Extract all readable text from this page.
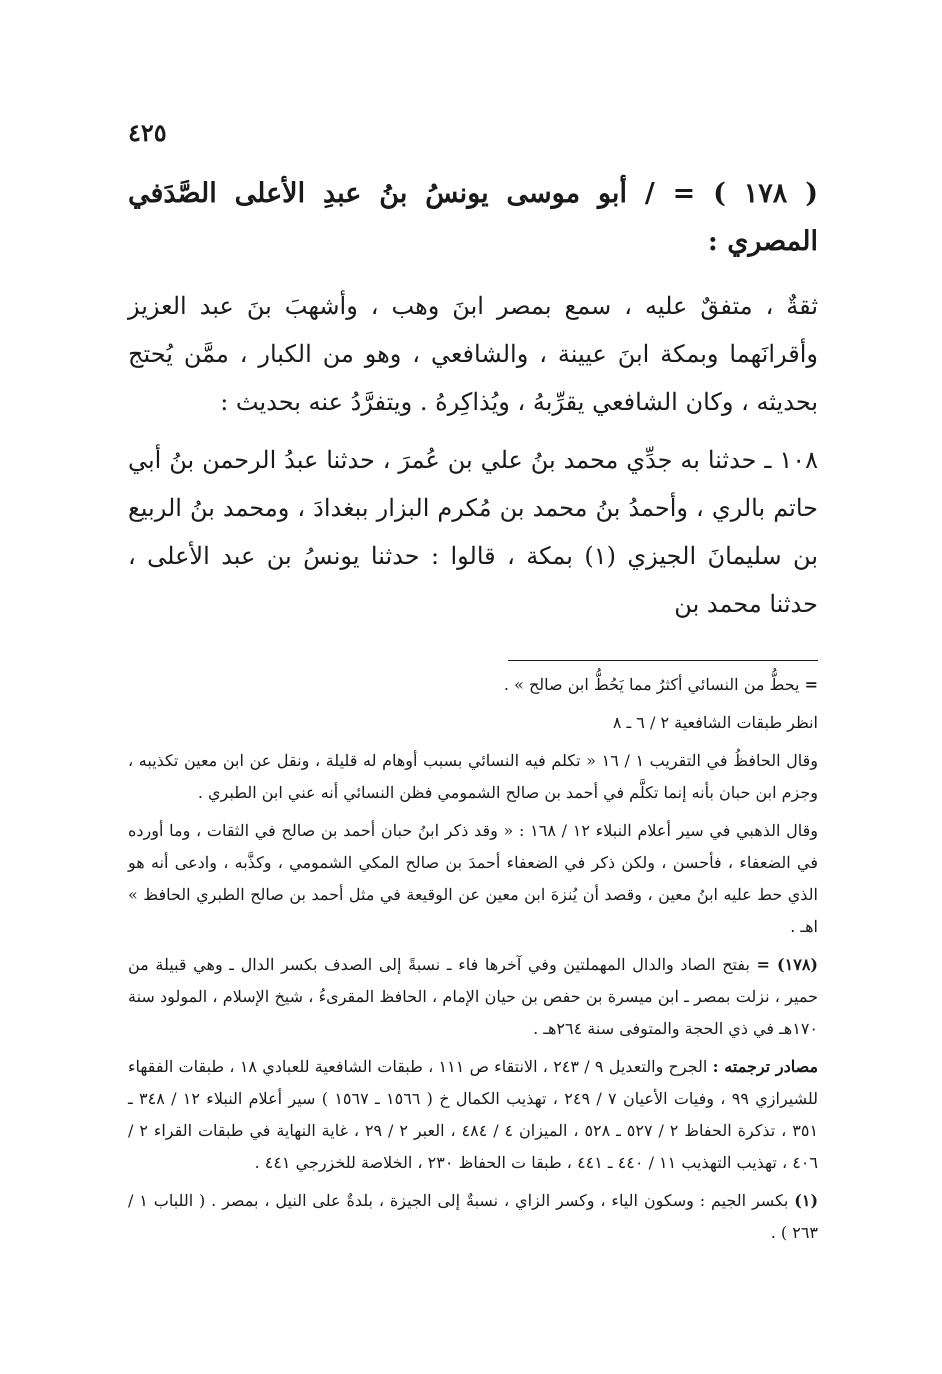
٤٢٥

( ١٧٨ ) = / أبو موسى يونسُ بنُ عبدِ الأعلى الصَّدَفي المصري :

ثقةٌ ، متفقٌ عليه ، سمع بمصر ابنَ وهب ، وأشهبَ بنَ عبد العزيز وأقرانَهما وبمكة ابنَ عيينة ، والشافعي ، وهو من الكبار ، ممَّن يُحتج بحديثه ، وكان الشافعي يقرِّبهُ ، ويُذاكِرهُ . ويتفرَّدُ عنه بحديث :

١٠٨ ـ حدثنا به جدِّي محمد بنُ علي بن عُمرَ ، حدثنا عبدُ الرحمن بنُ أبي حاتم بالري ، وأحمدُ بنُ محمد بن مُكرم البزار ببغدادَ ، ومحمد بنُ الربيع بن سليمانَ الجيزي (١) بمكة ، قالوا : حدثنا يونسُ بن عبد الأعلى ، حدثنا محمد بن

= يحطُّ من النسائي أكثرُ مما يَحُطُّ ابن صالح » .

انظر طبقات الشافعية ٢ / ٦ ـ ٨

وقال الحافظُ في التقريب ١ / ١٦ « تكلم فيه النسائي بسبب أوهام له قليلة ، ونقل عن ابن معين تكذيبه ، وجزم ابن حبان بأنه إنما تكلَّم في أحمد بن صالح الشمومي فظن النسائي أنه عني ابن الطبري .

وقال الذهبي في سير أعلام النبلاء ١٢ / ١٦٨ : « وقد ذكر ابنُ حبان أحمد بن صالح في الثقات ، وما أورده في الضعفاء ، فأحسن ، ولكن ذكر في الضعفاء أحمدَ بن صالح المكي الشمومي ، وكذَّبه ، وادعى أنه هو الذي حط عليه ابنُ معين ، وقصد أن يُنزهَ ابن معين عن الوقيعة في مثل أحمد بن صالح الطبري الحافظ » اهـ .

(١٧٨) = بفتح الصاد والدال المهملتين وفي آخرها فاء ـ نسبةً إلى الصدف بكسر الدال ـ وهي قبيلة من حمير ، نزلت بمصر ـ ابن ميسرة بن حفص بن حيان الإمام ، الحافظ المقرىءُ ، شيخ الإسلام ، المولود سنة ١٧٠هـ في ذي الحجة والمتوفى سنة ٢٦٤هـ .

مصادر ترجمته : الجرح والتعديل ٩ / ٢٤٣ ، الانتقاء ص ١١١ ، طبقات الشافعية للعبادي ١٨ ، طبقات الفقهاء للشيرازي ٩٩ ، وفيات الأعيان ٧ / ٢٤٩ ، تهذيب الكمال خ ( ١٥٦٦ ـ ١٥٦٧ ) سير أعلام النبلاء ١٢ / ٣٤٨ ـ ٣٥١ ، تذكرة الحفاظ ٢ / ٥٢٧ ـ ٥٢٨ ، الميزان ٤ / ٤٨٤ ، العبر ٢ / ٢٩ ، غاية النهاية في طبقات القراء ٢ / ٤٠٦ ، تهذيب التهذيب ١١ / ٤٤٠ ـ ٤٤١ ، طبقا ت الحفاظ ٢٣٠ ، الخلاصة للخزرجي ٤٤١ .

(١) بكسر الجيم : وسكون الياء ، وكسر الزاي ، نسبةٌ إلى الجيزة ، بلدةٌ على النيل ، بمصر . ( اللباب ١ / ٢٦٣ ) .
